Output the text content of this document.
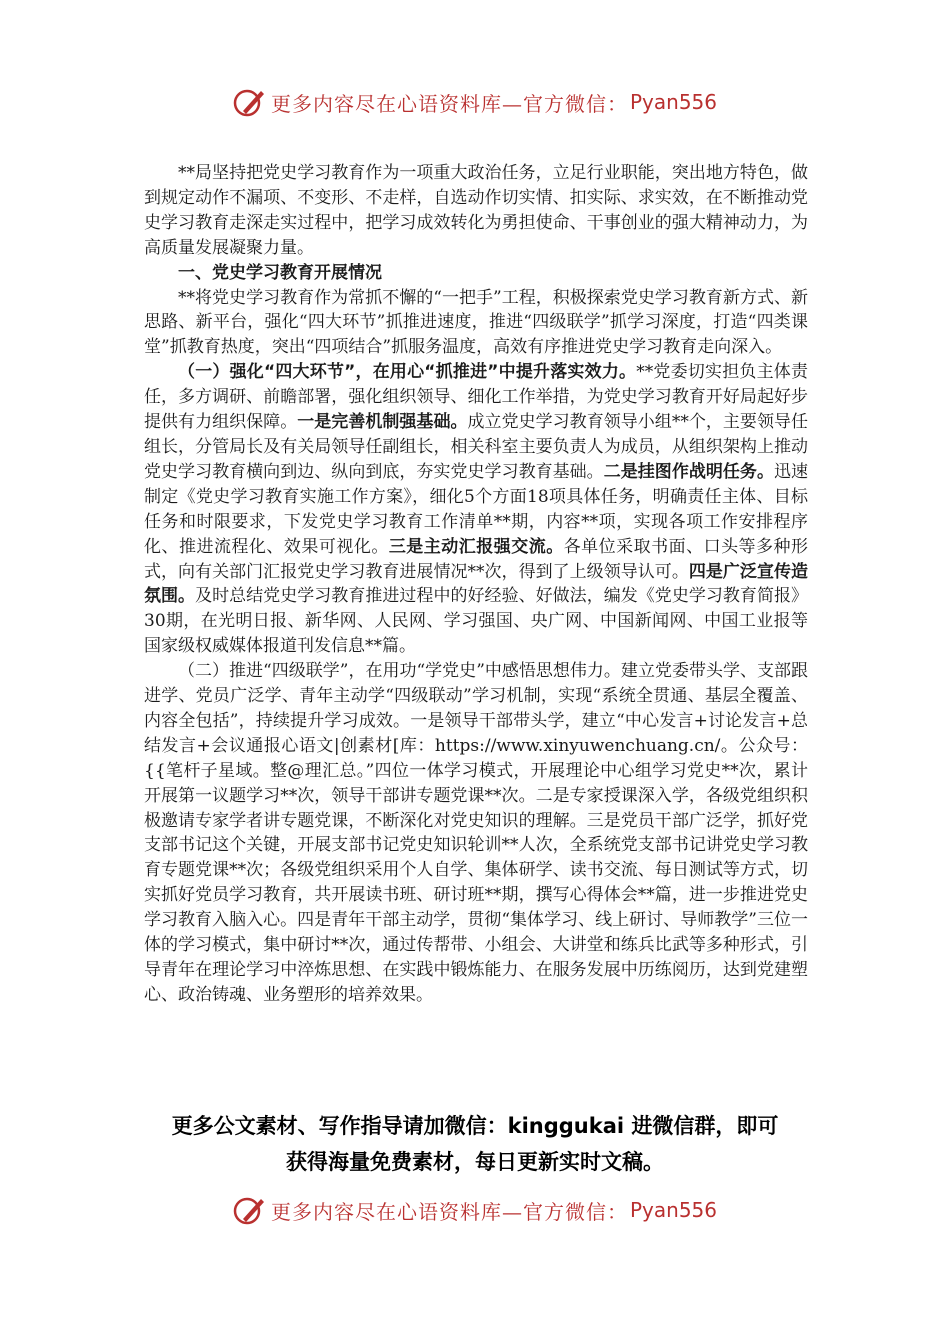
更多内容尽在心语资料库— 官方微信： Pyan556

**局坚持把党史学习教育作为一项重大政治任务，立足行业职能，突出地方特色，做到规定动作不漏项、不变形、不走样，自选动作切实情、扣实际、求实效，在不断推动党史学习教育走深走实过程中，把学习成效转化为勇担使命、干事创业的强大精神动力，为高质量发展凝聚力量。

一、党史学习教育开展情况

**将党史学习教育作为常抓不懈的“一把手”工程，积极探索党史学习教育新方式、新思路、新平台，强化“四大环节”抓推进速度，推进“四级联学”抓学习深度，打造“四类课堂”抓教育热度，突出“四项结合”抓服务温度，高效有序推进党史学习教育走向深入。

（一）强化“四大环节”，在用心“抓推进”中提升落实效力。**党委切实担负主体责任，多方调研、前瞻部署，强化组织领导、细化工作举措，为党史学习教育开好局起好步提供有力组织保障。一是完善机制强基础。成立党史学习教育领导小组**个，主要领导任组长，分管局长及有关局领导任副组长，相关科室主要负责人为成员，从组织架构上推动党史学习教育横向到边、纵向到底，夯实党史学习教育基础。二是挂图作战明任务。迅速制定《党史学习教育实施工作方案》，细化5个方面18项具体任务，明确责任主体、目标任务和时限要求，下发党史学习教育工作清单**期，内容**项，实现各项工作安排程序化、推进流程化、效果可视化。三是主动汇报强交流。各单位采取书面、口头等多种形式，向有关部门汇报党史学习教育进展情况**次，得到了上级领导认可。四是广泛宣传造氛围。及时总结党史学习教育推进过程中的好经验、好做法，编发《党史学习教育简报》30期，在光明日报、新华网、人民网、学习强国、央广网、中国新闻网、中国工业报等国家级权威媒体报道刊发信息**篇。

（二）推进“四级联学”，在用功“学党史”中感悟思想伟力。建立党委带头学、支部跟进学、党员广泛学、青年主动学“四级联动”学习机制，实现“系统全贯通、基层全覆盖、内容全包括”，持续提升学习成效。一是领导干部带头学，建立“中心发言+讨论发言+总结发言+会议通报心语文|创素材[库：https://www.xinyuwenchuang.cn/。公众号：{{笔杆子星域。整@理汇总。”四位一体学习模式，开展理论中心组学习党史**次，累计开展第一议题学习**次，领导干部讲专题党课**次。二是专家授课深入学，各级党组织积极邀请专家学者讲专题党课，不断深化对党史知识的理解。三是党员干部广泛学，抓好党支部书记这个关键，开展支部书记党史知识轮训**人次，全系统党支部书记讲党史学习教育专题党课**次；各级党组织采用个人自学、集体研学、读书交流、每日测试等方式，切实抓好党员学习教育，共开展读书班、研讨班**期，撰写心得体会**篇，进一步推进党史学习教育入脑入心。四是青年干部主动学，贯彻“集体学习、线上研讨、导师教学”三位一体的学习模式，集中研讨**次，通过传帮带、小组会、大讲堂和练兵比武等多种形式，引导青年在理论学习中淬炼思想、在实践中锻炼能力、在服务发展中历练阅历，达到党建塑心、政治铸魂、业务塑形的培养效果。

更多公文素材、写作指导请加微信：kinggukai 进微信群，即可
获得海量免费素材，每日更新实时文稿。
更多内容尽在心语资料库— 官方微信： Pyan556
